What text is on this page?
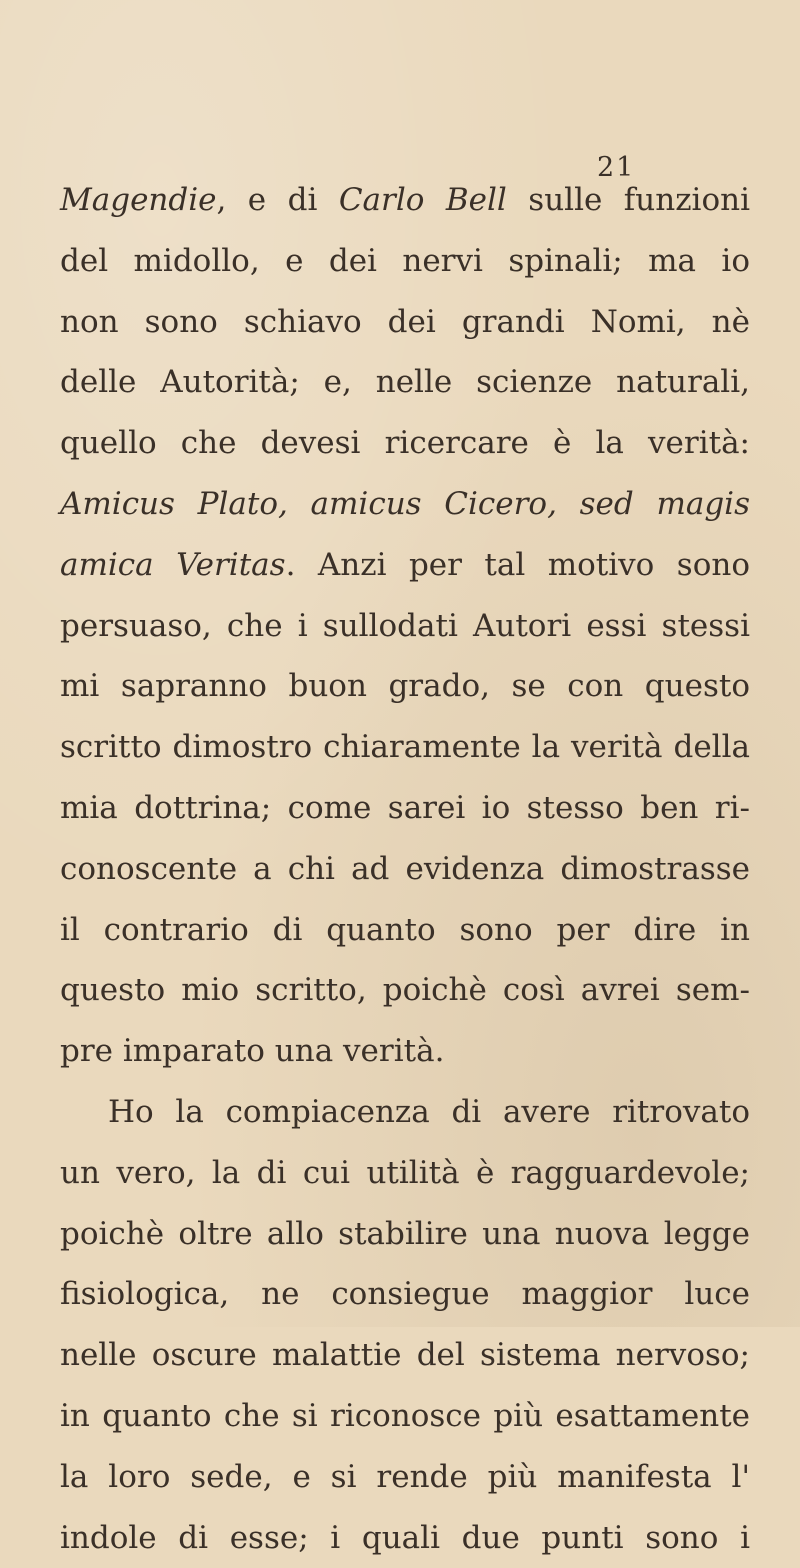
21
Magendie, e di Carlo Bell sulle funzioni
del midollo, e dei nervi spinali; ma io
non sono schiavo dei grandi Nomi, nè
delle Autorità; e, nelle scienze naturali,
quello che devesi ricercare è la verità:
Amicus Plato, amicus Cicero, sed magis
amica Veritas. Anzi per tal motivo sono
persuaso, che i sullodati Autori essi stessi
mi sapranno buon grado, se con questo
scritto dimostro chiaramente la verità della
mia dottrina; come sarei io stesso ben ri-
conoscente a chi ad evidenza dimostrasse
il contrario di quanto sono per dire in
questo mio scritto, poichè così avrei sem-
pre imparato una verità.
Ho la compiacenza di avere ritrovato
un vero, la di cui utilità è ragguardevole;
poichè oltre allo stabilire una nuova legge
fisiologica, ne consiegue maggior luce
nelle oscure malattie del sistema nervoso;
in quanto che si riconosce più esattamente
la loro sede, e si rende più manifesta l'
indole di esse; i quali due punti sono i
